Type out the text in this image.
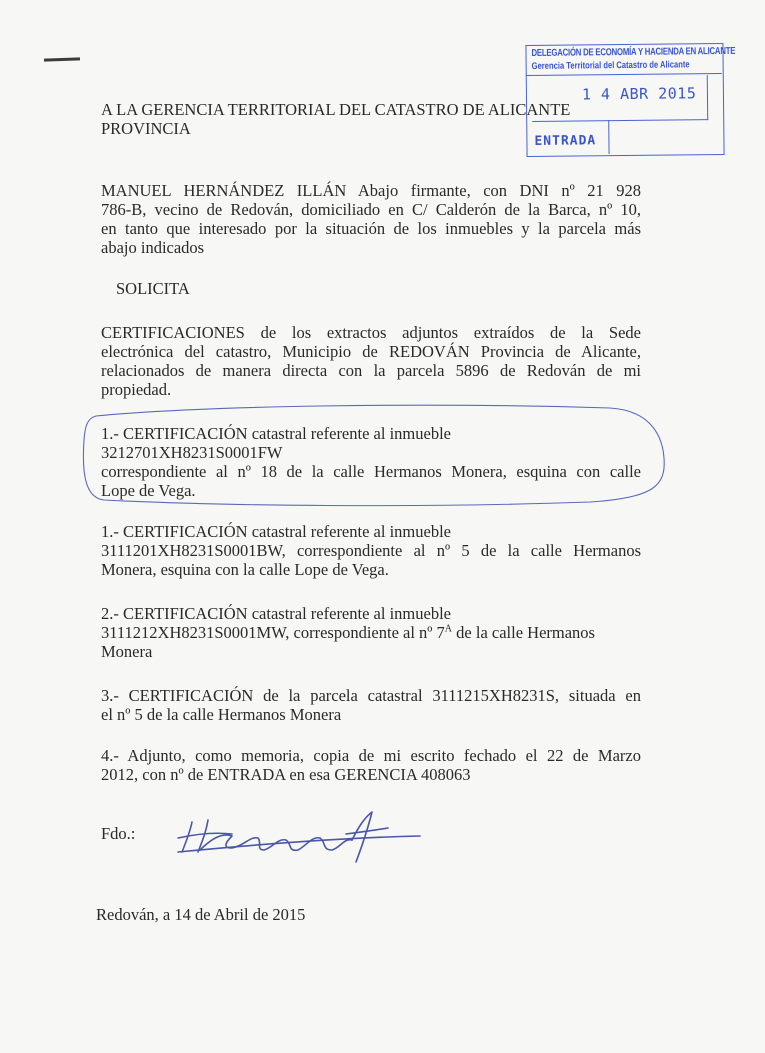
DELEGACIÓN DE ECONOMÍA Y HACIENDA EN ALICANTE
Gerencia Territorial del Catastro de Alicante
1 4 ABR 2015
ENTRADA
A LA GERENCIA TERRITORIAL DEL CATASTRO DE ALICANTE
PROVINCIA
MANUEL HERNÁNDEZ ILLÁN Abajo firmante, con DNI nº 21 928
786-B, vecino de Redován, domiciliado en C/ Calderón de la Barca, nº 10,
en tanto que interesado por la situación de los inmuebles y la parcela más
abajo indicados
SOLICITA
CERTIFICACIONES de los extractos adjuntos extraídos de la Sede
electrónica del catastro, Municipio de REDOVÁN Provincia de Alicante,
relacionados de manera directa con la parcela 5896 de Redován de mi
propiedad.
1.- CERTIFICACIÓN catastral referente al inmueble
3212701XH8231S0001FW
correspondiente al nº 18 de la calle Hermanos Monera, esquina con calle
Lope de Vega.
1.- CERTIFICACIÓN catastral referente al inmueble
3111201XH8231S0001BW, correspondiente al nº 5 de la calle Hermanos
Monera, esquina con la calle Lope de Vega.
2.- CERTIFICACIÓN catastral referente al inmueble
3111212XH8231S0001MW, correspondiente al nº $7^A$ de la calle Hermanos
Monera
3.- CERTIFICACIÓN de la parcela catastral 3111215XH8231S, situada en
el nº 5 de la calle Hermanos Monera
4.- Adjunto, como memoria, copia de mi escrito fechado el 22 de Marzo
2012, con nº de ENTRADA en esa GERENCIA 408063
Fdo.:
Redován, a 14 de Abril de 2015
